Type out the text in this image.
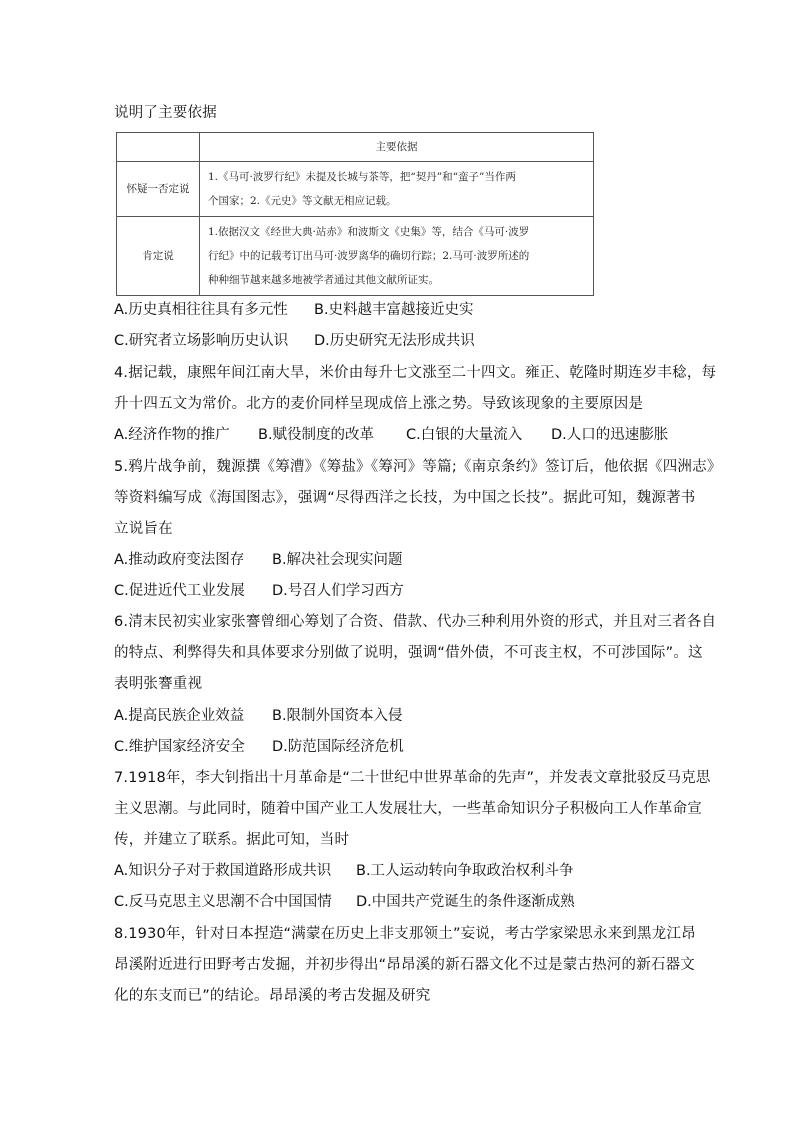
说明了主要依据
	主要依据
怀疑一否定说	1.《马可·波罗行纪》未提及长城与茶等，把“契丹”和“蛮子”当作两
个国家；2.《元史》等文献无相应记载。

肯定说	1.依据汉文《经世大典·站赤》和波斯文《史集》等，结合《马可·波罗
行纪》中的记载考订出马可·波罗离华的确切行踪；2.马可·波罗所述的
种种细节越来越多地被学者通过其他文献所证实。
A.历史真相往往具有多元性 B.史料越丰富越接近史实
C.研究者立场影响历史认识 D.历史研究无法形成共识
4.据记载，康熙年间江南大旱，米价由每升七文涨至二十四文。雍正、乾隆时期连岁丰稔，每
升十四五文为常价。北方的麦价同样呈现成倍上涨之势。导致该现象的主要原因是
A.经济作物的推广 B.赋役制度的改革 C.白银的大量流入 D.人口的迅速膨胀
5.鸦片战争前，魏源撰《筹漕》《筹盐》《筹河》等篇;《南京条约》签订后，他依据《四洲志》
等资料编写成《海国图志》，强调“尽得西洋之长技，为中国之长技”。据此可知，魏源著书
立说旨在
A.推动政府变法图存 B.解决社会现实问题
C.促进近代工业发展 D.号召人们学习西方
6.清末民初实业家张謇曾细心筹划了合资、借款、代办三种利用外资的形式，并且对三者各自
的特点、利弊得失和具体要求分别做了说明，强调“借外债，不可丧主权，不可涉国际”。这
表明张謇重视
A.提高民族企业效益 B.限制外国资本入侵
C.维护国家经济安全 D.防范国际经济危机
7.1918年，李大钊指出十月革命是“二十世纪中世界革命的先声”，并发表文章批驳反马克思
主义思潮。与此同时，随着中国产业工人发展壮大，一些革命知识分子积极向工人作革命宣
传，并建立了联系。据此可知，当时
A.知识分子对于救国道路形成共识 B.工人运动转向争取政治权利斗争
C.反马克思主义思潮不合中国国情 D.中国共产党诞生的条件逐渐成熟
8.1930年，针对日本捏造“满蒙在历史上非支那领土”妄说，考古学家梁思永来到黑龙江昂
昂溪附近进行田野考古发掘，并初步得出“昂昂溪的新石器文化不过是蒙古热河的新石器文
化的东支而已”的结论。昂昂溪的考古发掘及研究
